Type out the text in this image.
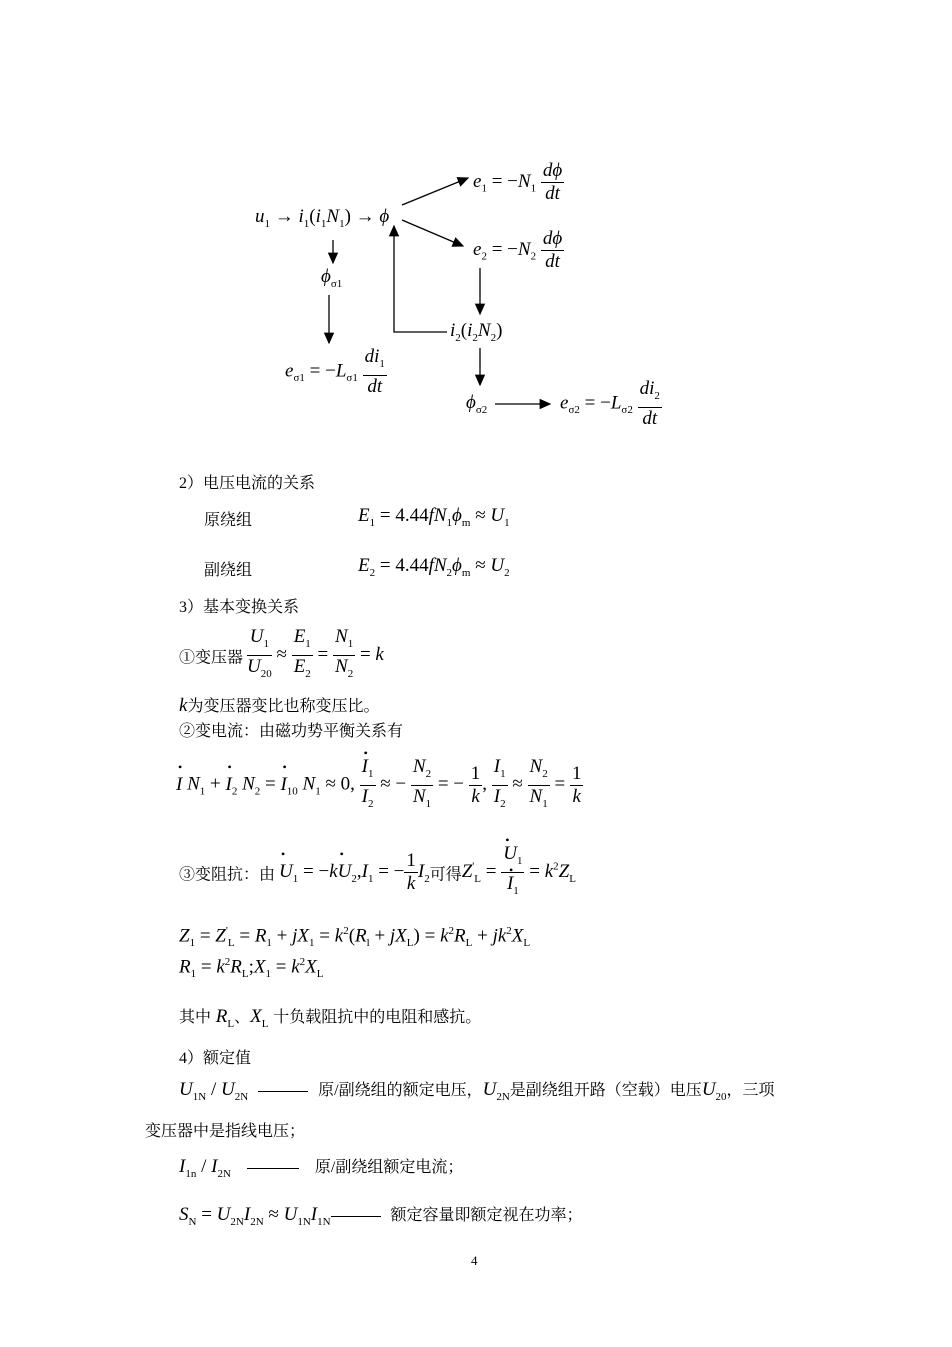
$u_1 \to i_1(i_1N_1) \to \phi$
$e_1 = -N_1 \frac{d\phi}{dt}$
$e_2 = -N_2 \frac{d\phi}{dt}$
$\phi_{\sigma 1}$
$e_{\sigma 1} = -L_{\sigma 1} \frac{di_1}{dt}$
$i_2(i_2N_2)$
$\phi_{\sigma 2}$	$e_{\sigma 2} = -L_{\sigma 2} \frac{di_2}{dt}$
2）电压电流的关系
原绕组	$E_1 = 4.44fN_1\phi_m \approx U_1$
副绕组	$E_2 = 4.44fN_2\phi_m \approx U_2$
3）基本变换关系
①变压器 $\frac{U_1}{U_{20}} \approx \frac{E_1}{E_2} = \frac{N_1}{N_2} = k$
k为变压器变比也称变压比。
②变电流：由磁功势平衡关系有
• I $N_1$ + • $I_2$ $N_2$ = • $I_{10}$ $N_1 \approx 0$, • $\frac{I_1}{I_2}$ ≈ − $\frac{N_2}{N_1}$ = − $\frac{1}{k}$ , $\frac{I_1}{I_2} \approx \frac{N_2}{N_1} = \frac{1}{k}$
③变阻抗：由 • $U_1$ = −k• $U_2,I_1$ = − $\frac{1}{k} I_2$可得$Z'_L$ = • $U_1$
• $I_1 = k^2Z_L$
$Z_1 = Z'_L = R_1 + jX_1 = k^2(R_l + jX_L) = k^2R_L + jk^2X_L$
$R_1$ = $k^2R_L;X_1 = k^2X_L$
其中 $R_L$、$X_L$ 十负载阻抗中的电阻和感抗。
4）额定值
$U_{1N} / U_{2N}$	原/副绕组的额定电压，$U_{2N}$是副绕组开路（空载）电压$U_{20}$，三项
变压器中是指线电压；
$I_{1n} / I_{2N}$	原/副绕组额定电流；
$S_N = U_{2N}I_{2N} \approx U_{1N}I_{1N}$	额定容量即额定视在功率；
4
